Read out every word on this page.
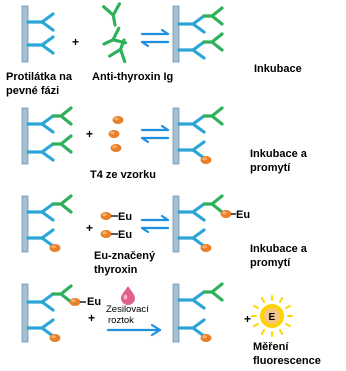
+
Inkubace
Protilátka na
pevné fázi
Anti-thyroxin Ig
+
Inkubace a
promytí
T4 ze vzorku
+
Eu
Eu
Eu
Inkubace a
promytí
Eu-značený
thyroxin
Eu
+
Zesilovací
roztok	+ E
Měření
fluorescence
